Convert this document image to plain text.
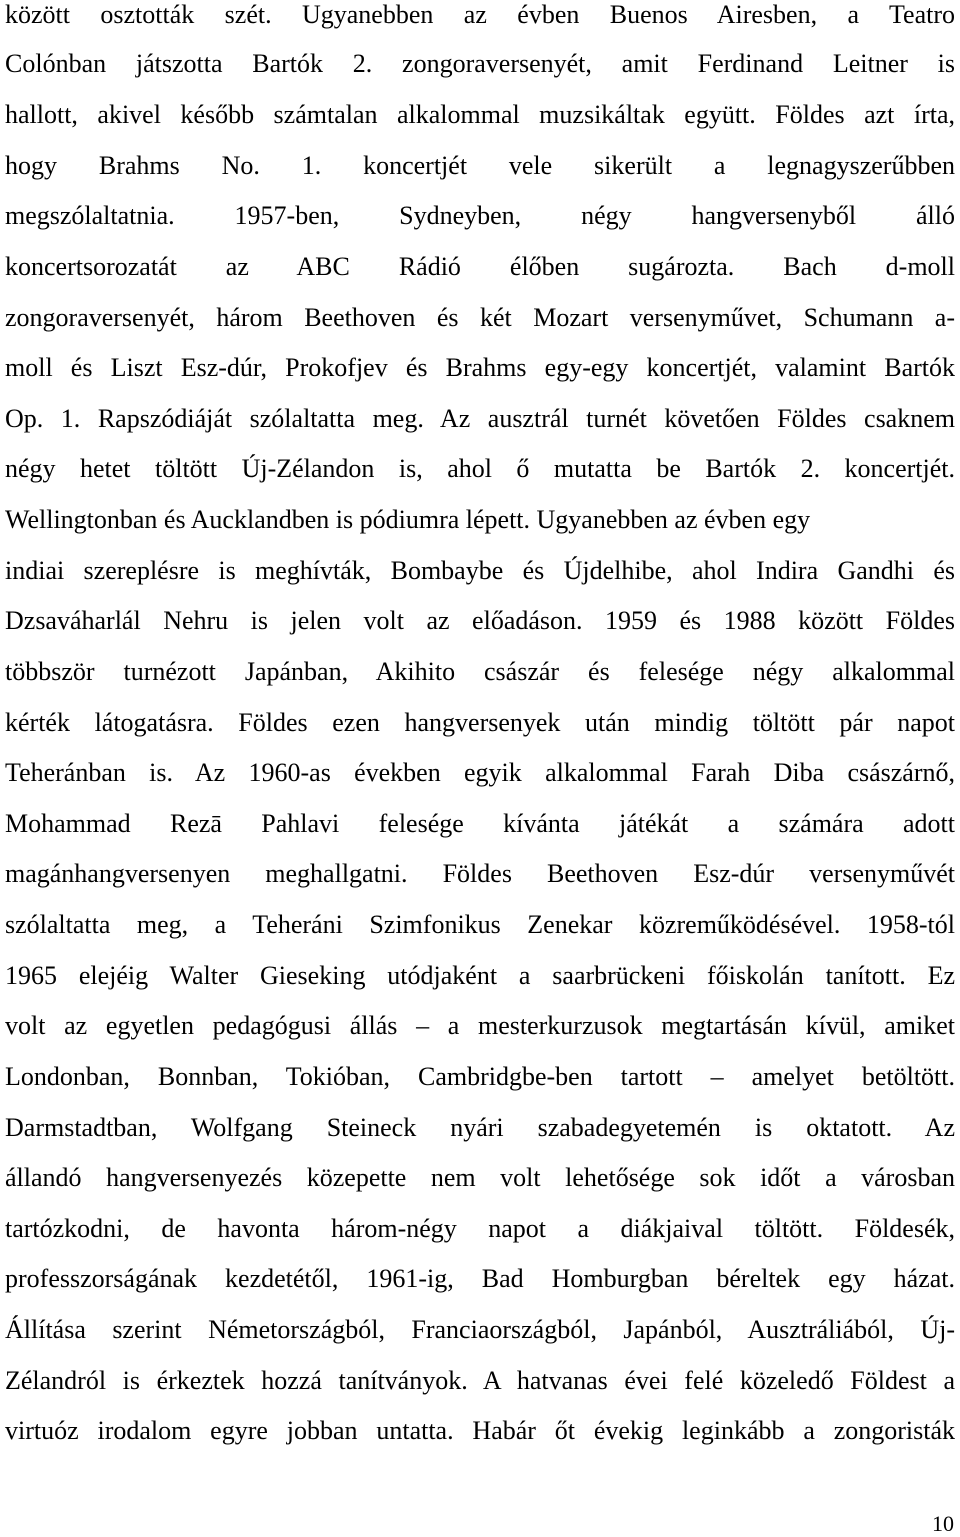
között osztották szét. Ugyanebben az évben Buenos Airesben, a Teatro
Colónban játszotta Bartók 2. zongoraversenyét, amit Ferdinand Leitner is
hallott, akivel később számtalan alkalommal muzsikáltak együtt. Földes azt írta,
hogy Brahms No. 1. koncertjét vele sikerült a legnagyszerűbben
megszólaltatnia. 1957-ben, Sydneyben, négy hangversenyből álló
koncertsorozatát az ABC Rádió élőben sugározta. Bach d-moll
zongoraversenyét, három Beethoven és két Mozart versenyművet, Schumann a-
moll és Liszt Esz-dúr, Prokofjev és Brahms egy-egy koncertjét, valamint Bartók
Op. 1. Rapszódiáját szólaltatta meg. Az ausztrál turnét követően Földes csaknem
négy hetet töltött Új-Zélandon is, ahol ő mutatta be Bartók 2. koncertjét.
Wellingtonban és Aucklandben is pódiumra lépett. Ugyanebben az évben egy
indiai szereplésre is meghívták, Bombaybe és Újdelhibe, ahol Indira Gandhi és
Dzsaváharlál Nehru is jelen volt az előadáson. 1959 és 1988 között Földes
többször turnézott Japánban, Akihito császár és felesége négy alkalommal
kérték látogatásra. Földes ezen hangversenyek után mindig töltött pár napot
Teheránban is. Az 1960-as években egyik alkalommal Farah Diba császárnő,
Mohammad Rezā Pahlavi felesége kívánta játékát a számára adott
magánhangversenyen meghallgatni. Földes Beethoven Esz-dúr versenyművét
szólaltatta meg, a Teheráni Szimfonikus Zenekar közreműködésével. 1958-tól
1965 elejéig Walter Gieseking utódjaként a saarbrückeni főiskolán tanított. Ez
volt az egyetlen pedagógusi állás – a mesterkurzusok megtartásán kívül, amiket
Londonban, Bonnban, Tokióban, Cambridgbe-ben tartott – amelyet betöltött.
Darmstadtban, Wolfgang Steineck nyári szabadegyetemén is oktatott. Az
állandó hangversenyezés közepette nem volt lehetősége sok időt a városban
tartózkodni, de havonta három-négy napot a diákjaival töltött. Földesék,
professzorságának kezdetétől, 1961-ig, Bad Homburgban béreltek egy házat.
Állítása szerint Németországból, Franciaországból, Japánból, Ausztráliából, Új-
Zélandról is érkeztek hozzá tanítványok. A hatvanas évei felé közeledő Földest a
virtuóz irodalom egyre jobban untatta. Habár őt évekig leginkább a zongoristák
10
